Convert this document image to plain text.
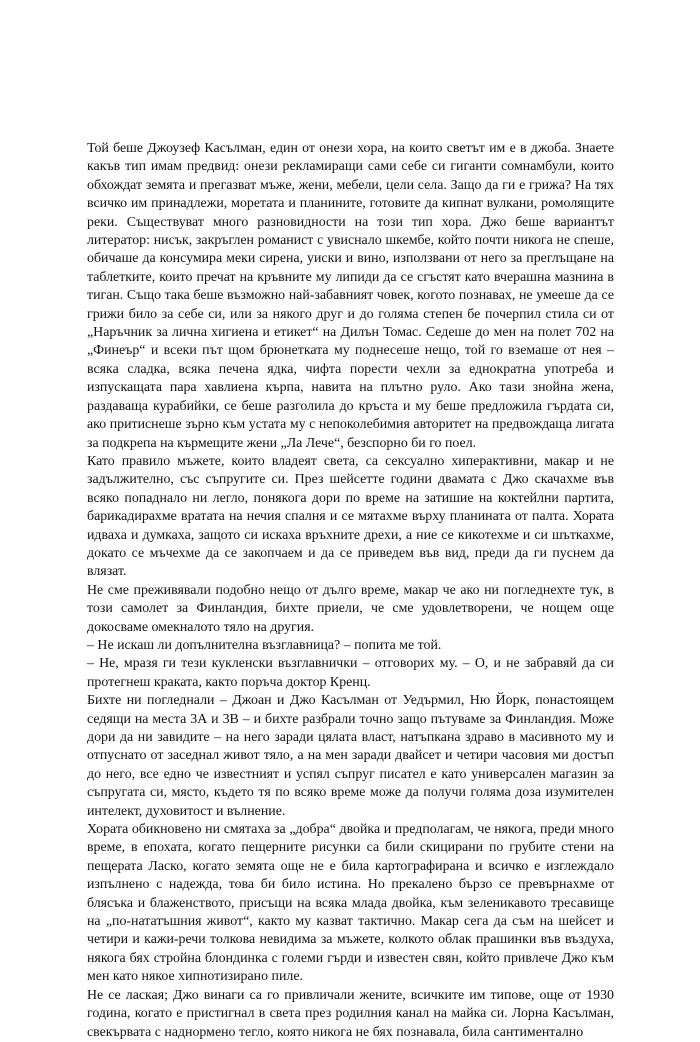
Той беше Джоузеф Касълман, един от онези хора, на които светът им е в джоба. Знаете какъв тип имам предвид: онези рекламиращи сами себе си гиганти сомнамбули, които обхождат земята и прегазват мъже, жени, мебели, цели села. Защо да ги е грижа? На тях всичко им принадлежи, моретата и планините, готовите да кипнат вулкани, ромолящите реки. Съществуват много разновидности на този тип хора. Джо беше вариантът литератор: нисък, закръглен романист с увиснало шкембе, който почти никога не спеше, обичаше да консумира меки сирена, уиски и вино, използвани от него за преглъщане на таблетките, които пречат на кръвните му липиди да се сгъстят като вчерашна мазнина в тиган. Също така беше възможно най-забавният човек, когото познавах, не умееше да се грижи било за себе си, или за някого друг и до голяма степен бе почерпил стила си от „Наръчник за лична хигиена и етикет“ на Дилън Томас. Седеше до мен на полет 702 на „Финеър“ и всеки път щом брюнетката му поднесеше нещо, той го вземаше от нея – всяка сладка, всяка печена ядка, чифта порести чехли за еднократна употреба и изпускащата пара хавлиена кърпа, навита на плътно руло. Ако тази знойна жена, раздаваща курабийки, се беше разголила до кръста и му беше предложила гърдата си, ако притиснеше зърно към устата му с непоколебимия авторитет на предвождаща лигата за подкрепа на кърмещите жени „Ла Лече“, безспорно би го поел.

Като правило мъжете, които владеят света, са сексуално хиперактивни, макар и не задължително, със съпругите си. През шейсетте години двамата с Джо скачахме във всяко попаднало ни легло, понякога дори по време на затишие на коктейлни партита, барикадирахме вратата на нечия спалня и се мятахме върху планината от палта. Хората идваха и думкаха, защото си искаха връхните дрехи, а ние се кикотехме и си шъткахме, докато се мъчехме да се закопчаем и да се приведем във вид, преди да ги пуснем да влязат.

Не сме преживявали подобно нещо от дълго време, макар че ако ни погледнехте тук, в този самолет за Финландия, бихте приели, че сме удовлетворени, че нощем още докосваме омекналото тяло на другия.

– Не искаш ли допълнителна възглавница? – попита ме той.

– Не, мразя ги тези кукленски възглавнички – отговорих му. – О, и не забравяй да си протегнеш краката, както поръча доктор Кренц.

Бихте ни погледнали – Джоан и Джо Касълман от Уедърмил, Ню Йорк, понастоящем седящи на места 3А и 3В – и бихте разбрали точно защо пътуваме за Финландия. Може дори да ни завидите – на него заради цялата власт, натъпкана здраво в масивното му и отпуснато от заседнал живот тяло, а на мен заради двайсет и четири часовия ми достъп до него, все едно че известният и успял съпруг писател е като универсален магазин за съпругата си, място, където тя по всяко време може да получи голяма доза изумителен интелект, духовитост и вълнение.

Хората обикновено ни смятаха за „добра“ двойка и предполагам, че някога, преди много време, в епохата, когато пещерните рисунки са били скицирани по грубите стени на пещерата Ласко, когато земята още не е била картографирана и всичко е изглеждало изпълнено с надежда, това би било истина. Но прекалено бързо се превърнахме от блясъка и блаженството, присъщи на всяка млада двойка, към зеленикавото тресавище на „по-нататъшния живот“, както му казват тактично. Макар сега да съм на шейсет и четири и кажи-речи толкова невидима за мъжете, колкото облак прашинки във въздуха, някога бях стройна блондинка с големи гърди и известен свян, който привлече Джо към мен като някое хипнотизирано пиле.

Не се лаская; Джо винаги са го привличали жените, всичките им типове, още от 1930 година, когато е пристигнал в света през родилния канал на майка си. Лорна Касълман, свекървата с наднормено тегло, която никога не бях познавала, била сантиментално
